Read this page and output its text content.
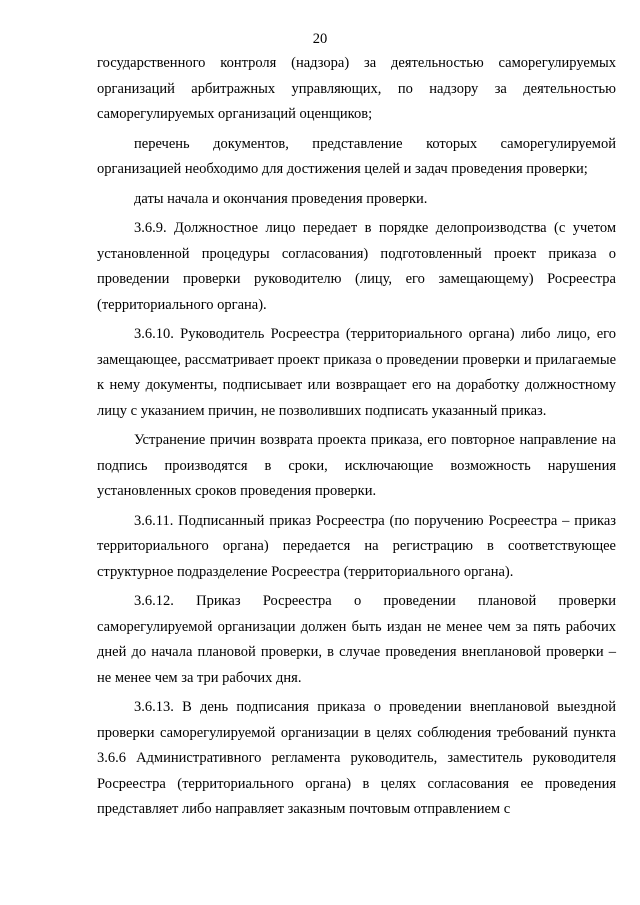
20

государственного контроля (надзора) за деятельностью саморегулируемых организаций арбитражных управляющих, по надзору за деятельностью саморегулируемых организаций оценщиков;

перечень документов, представление которых саморегулируемой организацией необходимо для достижения целей и задач проведения проверки;

даты начала и окончания проведения проверки.

3.6.9. Должностное лицо передает в порядке делопроизводства (с учетом установленной процедуры согласования) подготовленный проект приказа о проведении проверки руководителю (лицу, его замещающему) Росреестра (территориального органа).

3.6.10. Руководитель Росреестра (территориального органа) либо лицо, его замещающее, рассматривает проект приказа о проведении проверки и прилагаемые к нему документы, подписывает или возвращает его на доработку должностному лицу с указанием причин, не позволивших подписать указанный приказ.

Устранение причин возврата проекта приказа, его повторное направление на подпись производятся в сроки, исключающие возможность нарушения установленных сроков проведения проверки.

3.6.11. Подписанный приказ Росреестра (по поручению Росреестра – приказ территориального органа) передается на регистрацию в соответствующее структурное подразделение Росреестра (территориального органа).

3.6.12. Приказ Росреестра о проведении плановой проверки саморегулируемой организации должен быть издан не менее чем за пять рабочих дней до начала плановой проверки, в случае проведения внеплановой проверки – не менее чем за три рабочих дня.

3.6.13. В день подписания приказа о проведении внеплановой выездной проверки саморегулируемой организации в целях соблюдения требований пункта 3.6.6 Административного регламента руководитель, заместитель руководителя Росреестра (территориального органа) в целях согласования ее проведения представляет либо направляет заказным почтовым отправлением с
